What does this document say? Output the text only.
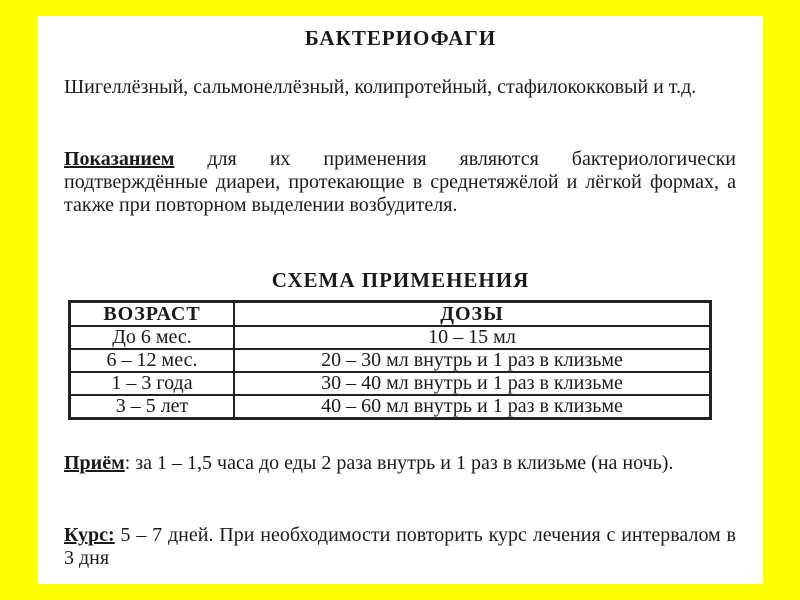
БАКТЕРИОФАГИ
Шигеллёзный, сальмонеллёзный, колипротейный, стафилококковый и т.д.
Показанием для их применения являются бактериологически подтверждённые диареи, протекающие в среднетяжёлой и лёгкой формах, а также при повторном выделении возбудителя.
СХЕМА ПРИМЕНЕНИЯ
ВОЗРАСТ	ДОЗЫ
До 6 мес.	10 – 15 мл
6 – 12 мес.	20 – 30 мл внутрь и 1 раз в клизьме
1 – 3 года	30 – 40 мл внутрь и 1 раз в клизьме
3 – 5 лет	40 – 60 мл внутрь и 1 раз в клизьме
Приём: за 1 – 1,5 часа до еды 2 раза внутрь и 1 раз в клизьме (на ночь).
Курс: 5 – 7 дней. При необходимости повторить курс лечения с интервалом в 3 дня
